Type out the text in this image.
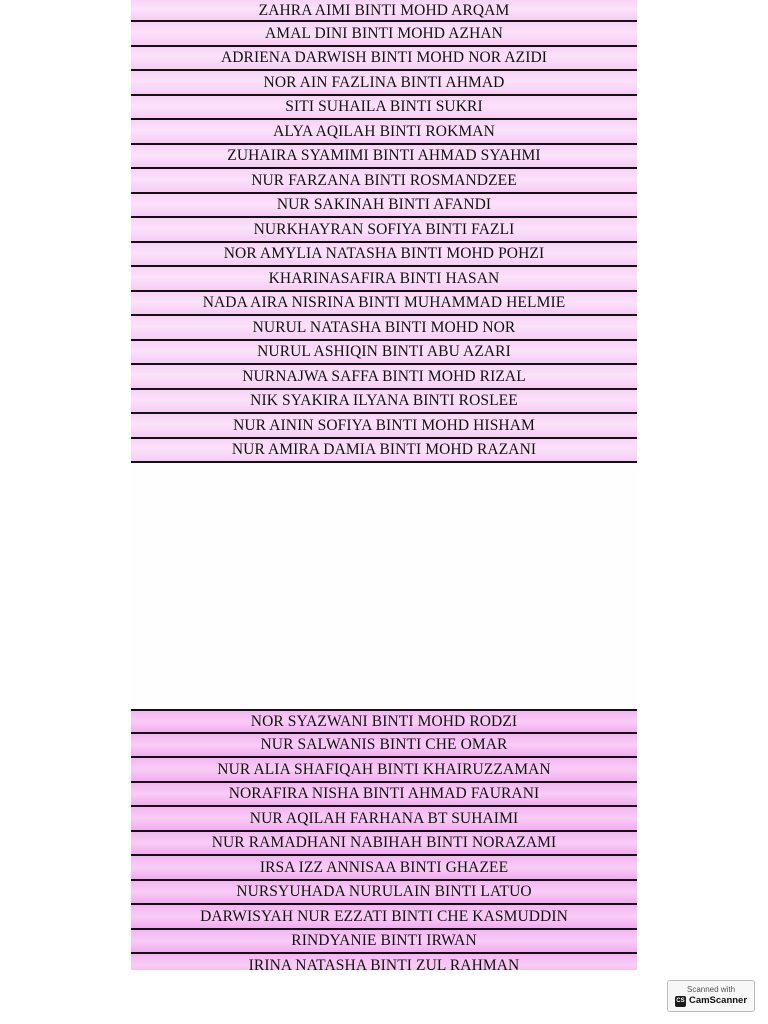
ZAHRA AIMI BINTI MOHD ARQAM
AMAL DINI BINTI MOHD AZHAN
ADRIENA DARWISH BINTI MOHD NOR AZIDI
NOR AIN FAZLINA BINTI AHMAD
SITI SUHAILA BINTI SUKRI
ALYA AQILAH BINTI ROKMAN
ZUHAIRA SYAMIMI BINTI AHMAD SYAHMI
NUR FARZANA BINTI ROSMANDZEE
NUR SAKINAH BINTI AFANDI
NURKHAYRAN SOFIYA BINTI FAZLI
NOR AMYLIA NATASHA BINTI MOHD POHZI
KHARINASAFIRA BINTI HASAN
NADA AIRA NISRINA BINTI MUHAMMAD HELMIE
NURUL NATASHA BINTI MOHD NOR
NURUL ASHIQIN BINTI ABU AZARI
NURNAJWA SAFFA BINTI MOHD RIZAL
NIK SYAKIRA ILYANA BINTI ROSLEE
NUR AININ SOFIYA BINTI MOHD HISHAM
NUR AMIRA DAMIA BINTI MOHD RAZANI
NOR SYAZWANI BINTI MOHD RODZI
NUR SALWANIS BINTI CHE OMAR
NUR ALIA SHAFIQAH BINTI KHAIRUZZAMAN
NORAFIRA NISHA BINTI AHMAD FAURANI
NUR AQILAH FARHANA BT SUHAIMI
NUR RAMADHANI NABIHAH BINTI NORAZAMI
IRSA IZZ ANNISAA BINTI GHAZEE
NURSYUHADA NURULAIN BINTI LATUO
DARWISYAH NUR EZZATI BINTI CHE KASMUDDIN
RINDYANIE BINTI IRWAN
IRINA NATASHA BINTI ZUL RAHMAN
Scanned with
CS CamScanner
